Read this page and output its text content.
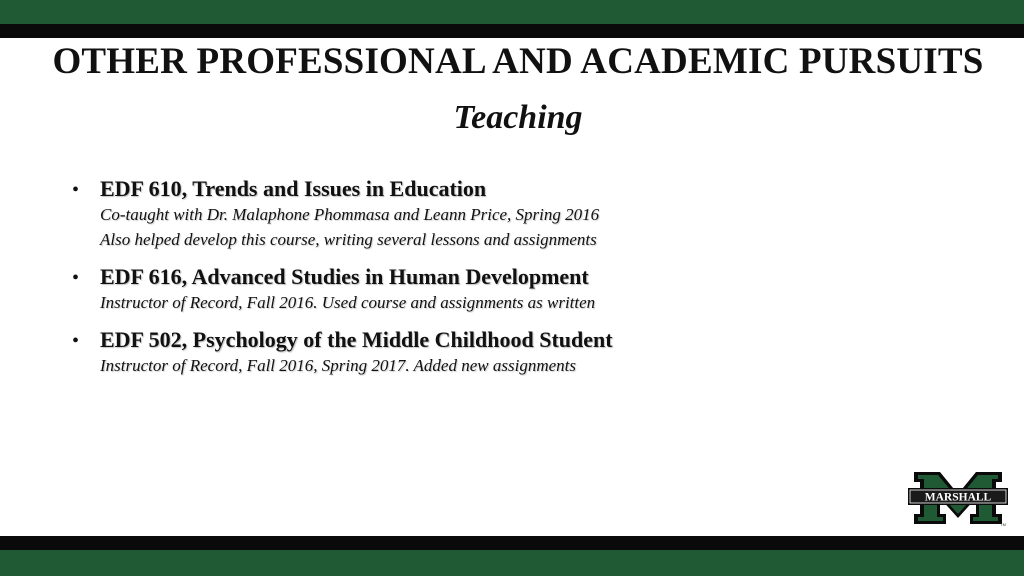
OTHER PROFESSIONAL AND ACADEMIC PURSUITS
Teaching
• EDF 610, Trends and Issues in Education
Co-taught with Dr. Malaphone Phommasa and Leann Price, Spring 2016
Also helped develop this course, writing several lessons and assignments
• EDF 616, Advanced Studies in Human Development
Instructor of Record, Fall 2016. Used course and assignments as written
• EDF 502, Psychology of the Middle Childhood Student
Instructor of Record, Fall 2016, Spring 2017. Added new assignments
MARSHALL
TM
